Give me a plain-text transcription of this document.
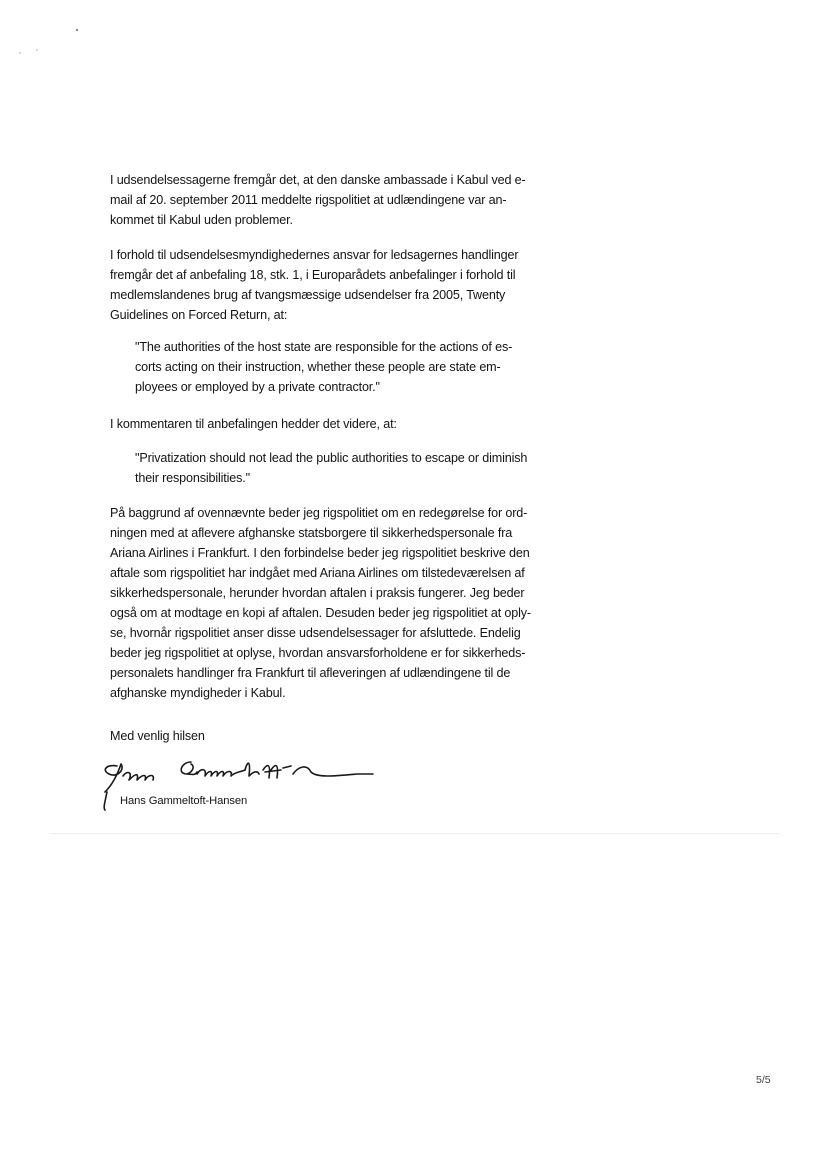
I udsendelsessagerne fremgår det, at den danske ambassade i Kabul ved e-
mail af 20. september 2011 meddelte rigspolitiet at udlændingene var an-
kommet til Kabul uden problemer.

I forhold til udsendelsesmyndighedernes ansvar for ledsagernes handlinger
fremgår det af anbefaling 18, stk. 1, i Europarådets anbefalinger i forhold til
medlemslandenes brug af tvangsmæssige udsendelser fra 2005, Twenty
Guidelines on Forced Return, at:

"The authorities of the host state are responsible for the actions of es-
corts acting on their instruction, whether these people are state em-
ployees or employed by a private contractor."

I kommentaren til anbefalingen hedder det videre, at:

"Privatization should not lead the public authorities to escape or diminish
their responsibilities."

På baggrund af ovennævnte beder jeg rigspolitiet om en redegørelse for ord-
ningen med at aflevere afghanske statsborgere til sikkerhedspersonale fra
Ariana Airlines i Frankfurt. I den forbindelse beder jeg rigspolitiet beskrive den
aftale som rigspolitiet har indgået med Ariana Airlines om tilstedeværelsen af
sikkerhedspersonale, herunder hvordan aftalen i praksis fungerer. Jeg beder
også om at modtage en kopi af aftalen. Desuden beder jeg rigspolitiet at oply-
se, hvornår rigspolitiet anser disse udsendelsessager for afsluttede. Endelig
beder jeg rigspolitiet at oplyse, hvordan ansvarsforholdene er for sikkerheds-
personalets handlinger fra Frankfurt til afleveringen af udlændingene til de
afghanske myndigheder i Kabul.

Med venlig hilsen

Hans Gammeltoft-Hansen
5/5
